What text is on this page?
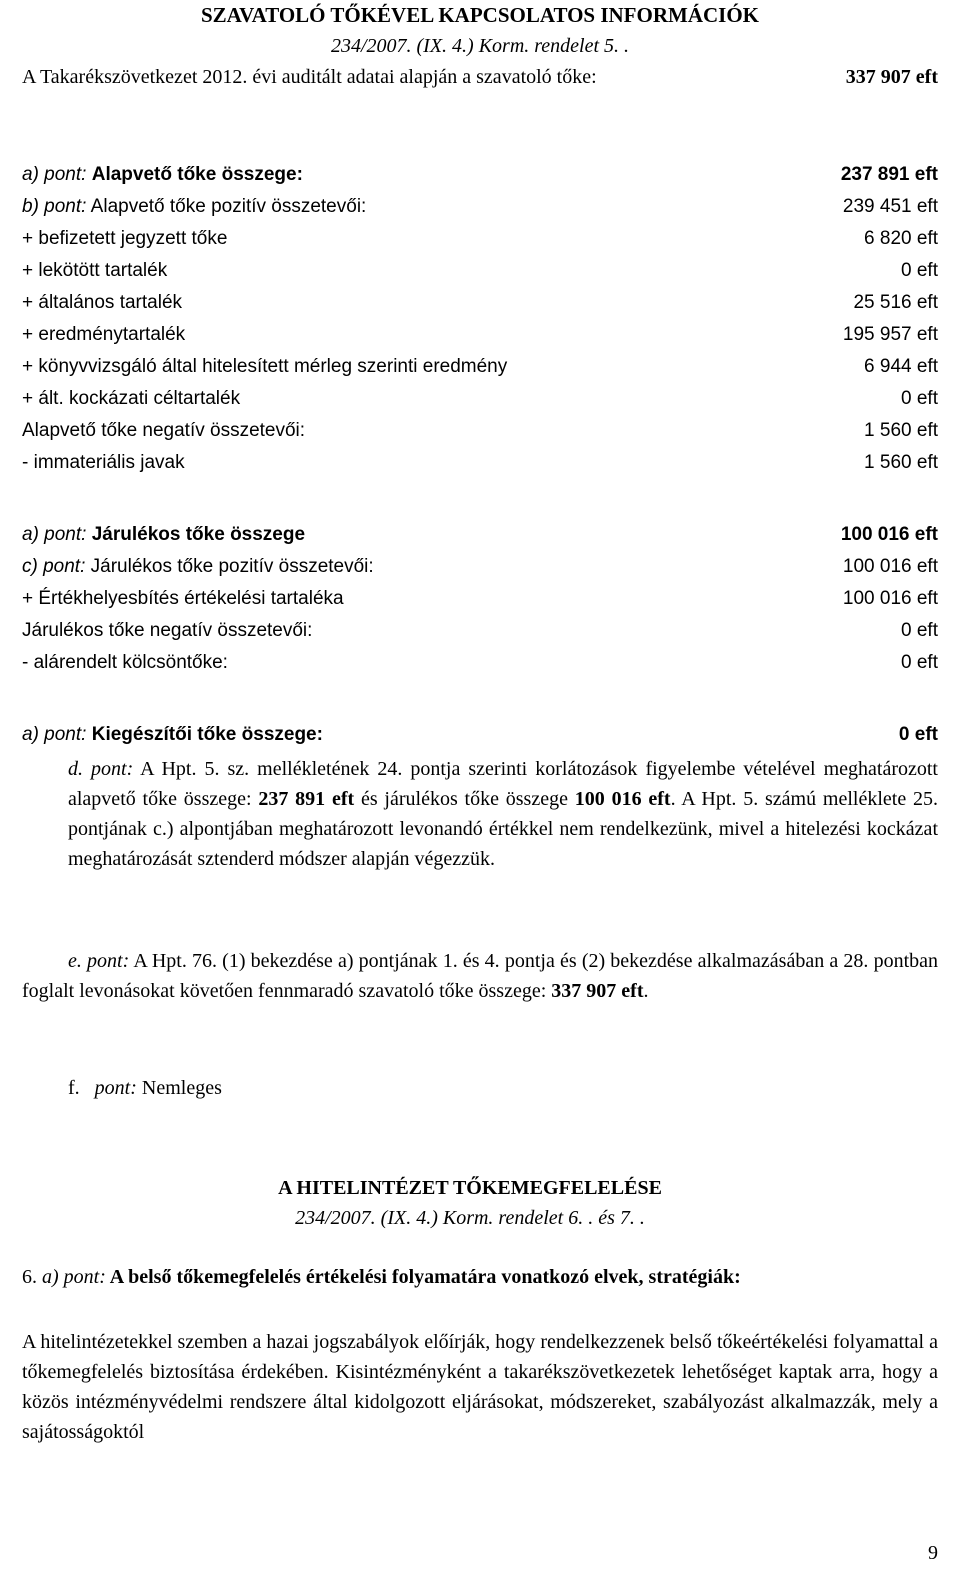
SZAVATOLÓ TŐKÉVEL KAPCSOLATOS INFORMÁCIÓK
234/2007. (IX. 4.) Korm. rendelet 5. .
A Takarékszövetkezet 2012. évi auditált adatai alapján a szavatoló tőke:	337 907 eft
a) pont: Alapvető tőke összege:	237 891 eft
b) pont: Alapvető tőke pozitív összetevői:	239 451 eft
+ befizetett jegyzett tőke	6 820 eft
+ lekötött tartalék	0 eft
+ általános tartalék	25 516 eft
+ eredménytartalék	195 957 eft
+ könyvvizsgáló által hitelesített mérleg szerinti eredmény	6 944 eft
+ ált. kockázati céltartalék	0 eft
Alapvető tőke negatív összetevői:	1 560 eft
- immateriális javak	1 560 eft
a) pont: Járulékos tőke összege	100 016 eft
c) pont: Járulékos tőke pozitív összetevői:	100 016 eft
+ Értékhelyesbítés értékelési tartaléka	100 016 eft
Járulékos tőke negatív összetevői:	0 eft
- alárendelt kölcsöntőke:	0 eft
a) pont: Kiegészítői tőke összege:	0 eft
d. pont: A Hpt. 5. sz. mellékletének 24. pontja szerinti korlátozások figyelembe vételével meghatározott alapvető tőke összege: 237 891 eft és járulékos tőke összege 100 016 eft. A Hpt. 5. számú melléklete 25. pontjának c.) alpontjában meghatározott levonandó értékkel nem rendelkezünk, mivel a hitelezési kockázat meghatározását sztenderd módszer alapján végezzük.
e. pont: A Hpt. 76. (1) bekezdése a) pontjának 1. és 4. pontja és (2) bekezdése alkalmazásában a 28. pontban foglalt levonásokat követően fennmaradó szavatoló tőke összege: 337 907 eft.
f. pont: Nemleges
A HITELINTÉZET TŐKEMEGFELELÉSE
234/2007. (IX. 4.) Korm. rendelet 6. . és 7. .
6. a) pont: A belső tőkemegfelelés értékelési folyamatára vonatkozó elvek, stratégiák:
A hitelintézetekkel szemben a hazai jogszabályok előírják, hogy rendelkezzenek belső tőkeértékelési folyamattal a tőkemegfelelés biztosítása érdekében. Kisintézményként a takarékszövetkezetek lehetőséget kaptak arra, hogy a közös intézményvédelmi rendszere által kidolgozott eljárásokat, módszereket, szabályozást alkalmazzák, mely a sajátosságoktól
9
